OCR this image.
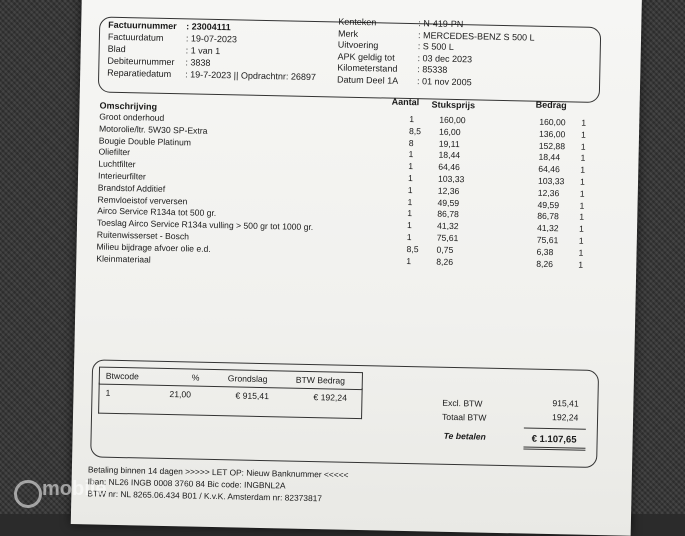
Factuurnummer : 23004111
Factuurdatum : 19-07-2023
Blad	: 1 van 1
Debiteurnummer : 3838
Reparatiedatum : 19-7-2023 || Opdrachtnr: 26897
Kenteken	: N-419-PN
Merk	: MERCEDES-BENZ S 500 L
Uitvoering	: S 500 L
APK geldig tot	: 03 dec 2023
Kilometerstand : 85338
Datum Deel 1A : 01 nov 2005
Omschrijving	Aantal Stuksprijs	Bedrag
Groot onderhoud	1	160,00	160,00 1
Motorolie/ltr. 5W30 SP-Extra	8,5 16,00	136,00 1
Bougie Double Platinum	8	19,11	152,88 1
Oliefilter	1	18,44	18,44 1
Luchtfilter	1	64,46	64,46 1
Interieurfilter	1	103,33	103,33 1
Brandstof Additief	1	12,36	12,36 1
Remvloeistof verversen	1	49,59	49,59 1
Airco Service R134a tot 500 gr.	1	86,78	86,78 1
Toeslag Airco Service R134a vulling > 500 gr tot 1000 gr.	1	41,32	41,32 1
Ruitenwisserset - Bosch	1	75,61	75,61 1
Milieu bijdrage afvoer olie e.d.	8,5 0,75	6,38	1
Kleinmateriaal	1	8,26	8,26	1
Btwcode	%	Grondslag	BTW Bedrag
1	21,00	€ 915,41	€ 192,24
Excl. BTW	915,41
Totaal BTW	192,24
Te betalen	€ 1.107,65
Betaling binnen 14 dagen >>>>> LET OP: Nieuw Banknummer <<<<<
Iban: NL26 INGB 0008 3760 84 Bic code: INGBNL2A
BTW nr: NL 8265.06.434 B01 / K.v.K. Amsterdam nr: 82373817
mobile
